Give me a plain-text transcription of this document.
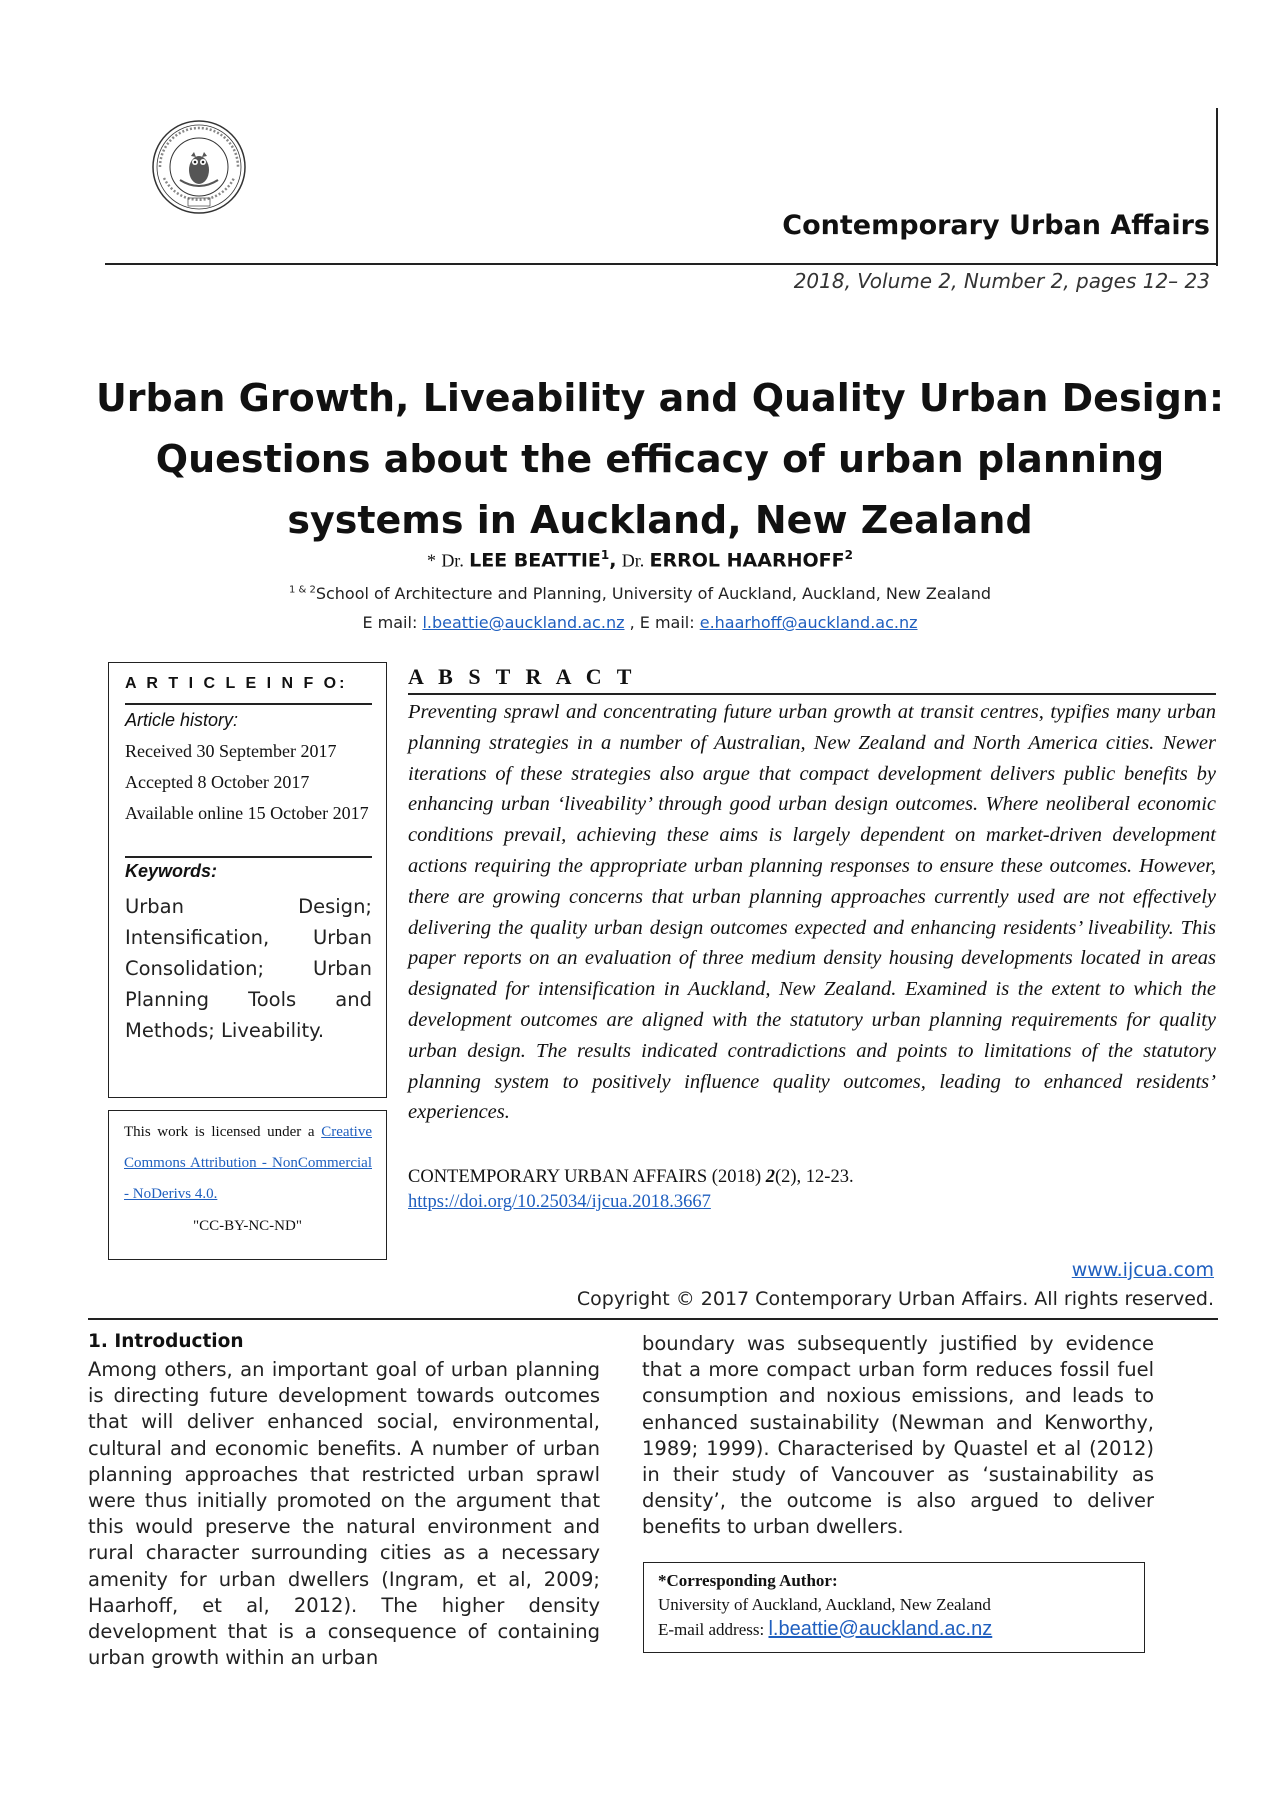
Contemporary Urban Affairs
2018, Volume 2, Number 2, pages 12– 23
Urban Growth, Liveability and Quality Urban Design:
Questions about the efficacy of urban planning
systems in Auckland, New Zealand
* Dr. LEE BEATTIE$^1$, Dr. ERROL HAARHOFF$^2$
$^{1 \& 2}$School of Architecture and Planning, University of Auckland, Auckland, New Zealand
E mail: l.beattie@auckland.ac.nz , E mail: e.haarhoff@auckland.ac.nz
A R T I C L E I N F O:
Article history:
Received 30 September 2017
Accepted 8 October 2017
Available online 15 October 2017
Keywords:
Urban Design; Intensification, Urban Consolidation; Urban Planning Tools and Methods; Liveability.
This work is licensed under a Creative Commons Attribution - NonCommercial - NoDerivs 4.0.
"CC-BY-NC-ND"
A B S T R A C T

Preventing sprawl and concentrating future urban growth at transit centres, typifies many urban planning strategies in a number of Australian, New Zealand and North America cities. Newer iterations of these strategies also argue that compact development delivers public benefits by enhancing urban ‘liveability’ through good urban design outcomes. Where neoliberal economic conditions prevail, achieving these aims is largely dependent on market-driven development actions requiring the appropriate urban planning responses to ensure these outcomes. However, there are growing concerns that urban planning approaches currently used are not effectively delivering the quality urban design outcomes expected and enhancing residents’ liveability. This paper reports on an evaluation of three medium density housing developments located in areas designated for intensification in Auckland, New Zealand. Examined is the extent to which the development outcomes are aligned with the statutory urban planning requirements for quality urban design. The results indicated contradictions and points to limitations of the statutory planning system to positively influence quality outcomes, leading to enhanced residents’ experiences.

CONTEMPORARY URBAN AFFAIRS (2018) 2(2), 12-23.
https://doi.org/10.25034/ijcua.2018.3667
www.ijcua.com
Copyright © 2017 Contemporary Urban Affairs. All rights reserved.
1. Introduction

Among others, an important goal of urban planning is directing future development towards outcomes that will deliver enhanced social, environmental, cultural and economic benefits. A number of urban planning approaches that restricted urban sprawl were thus initially promoted on the argument that this would preserve the natural environment and rural character surrounding cities as a necessary amenity for urban dwellers (Ingram, et al, 2009; Haarhoff, et al, 2012). The higher density development that is a consequence of containing urban growth within an urban

boundary was subsequently justified by evidence that a more compact urban form reduces fossil fuel consumption and noxious emissions, and leads to enhanced sustainability (Newman and Kenworthy, 1989; 1999). Characterised by Quastel et al (2012) in their study of Vancouver as ‘sustainability as density’, the outcome is also argued to deliver benefits to urban dwellers.

*Corresponding Author:
University of Auckland, Auckland, New Zealand
E-mail address: l.beattie@auckland.ac.nz
